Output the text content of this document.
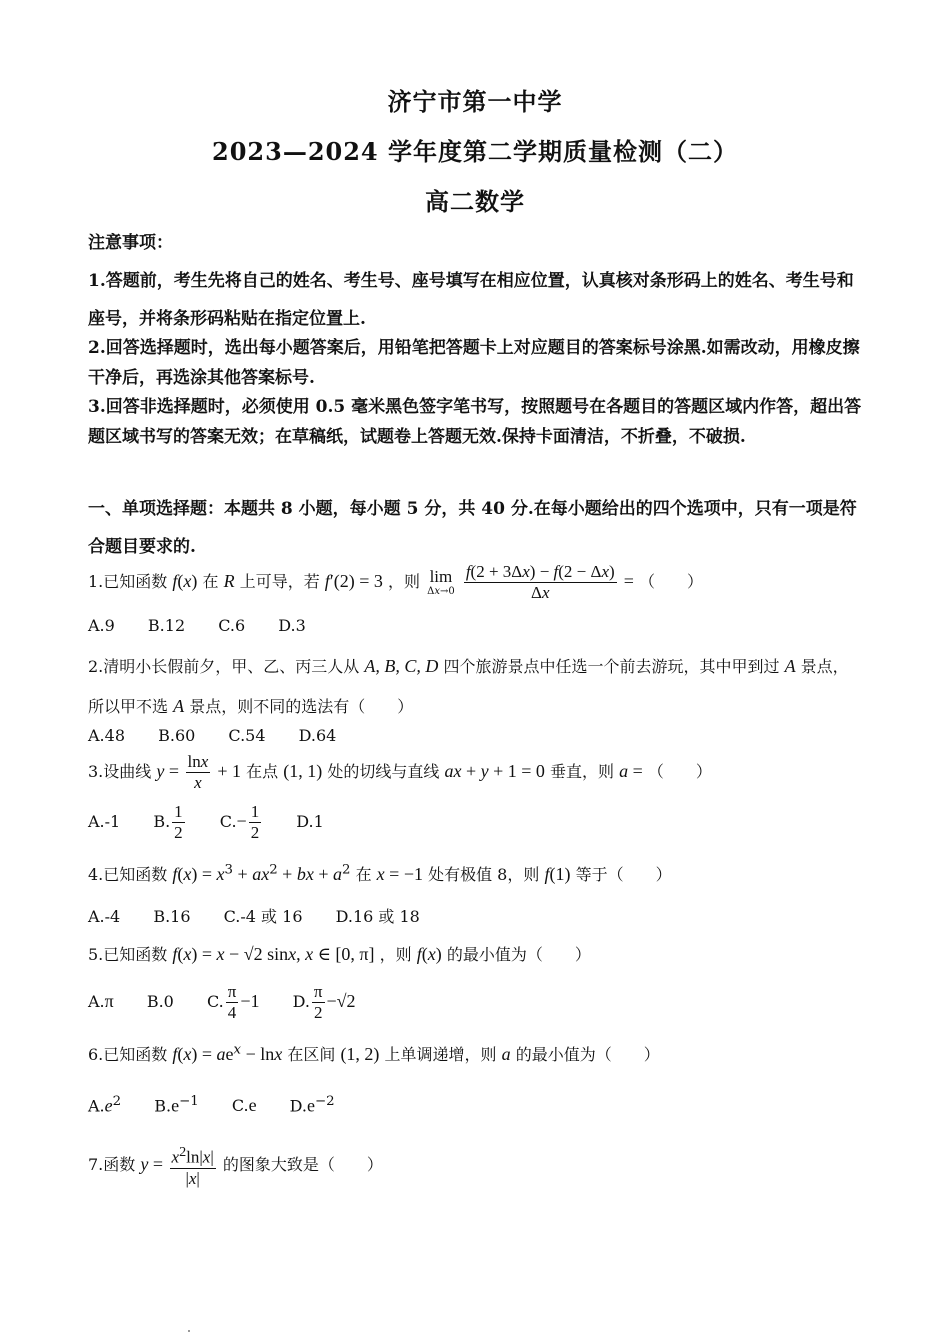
济宁市第一中学
2023—2024 学年度第二学期质量检测（二）
高二数学
注意事项：
1.答题前，考生先将自己的姓名、考生号、座号填写在相应位置，认真核对条形码上的姓名、考生号和座号，并将条形码粘贴在指定位置上.
2.回答选择题时，选出每小题答案后，用铅笔把答题卡上对应题目的答案标号涂黑.如需改动，用橡皮擦干净后，再选涂其他答案标号.
3.回答非选择题时，必须使用 0.5 毫米黑色签字笔书写，按照题号在各题目的答题区域内作答，超出答题区域书写的答案无效；在草稿纸，试题卷上答题无效.保持卡面清洁，不折叠，不破损.
一、单项选择题：本题共 8 小题，每小题 5 分，共 40 分.在每小题给出的四个选项中，只有一项是符合题目要求的.
1.已知函数 f(x) 在 R 上可导，若 f′(2) = 3 ，则 lim
Δx→0
$\frac{f(2 + 3\Delta x) - f(2 - \Delta x)}{\Delta x}$ = （　　）
A.9 B.12 C.6 D.3
2.清明小长假前夕，甲、乙、丙三人从 A, B, C, D 四个旅游景点中任选一个前去游玩，其中甲到过 A 景点，
所以甲不选 A 景点，则不同的选法有（　　）
A.48 B.60 C.54 D.64
3.设曲线 $y = \frac{\ln x}{x} + 1$ 在点 (1, 1) 处的切线与直线 ax + y + 1 = 0 垂直，则 a = （　　）
A.-1 B. $\frac{1}{2} C.- \frac{1}{2} D.1$
4.已知函数 $f(x) = x^3 + ax^2$ + bx + $a^2$ 在 x = −1 处有极值 8，则 f(1) 等于（　　）
A.-4 B.16 C.-4 或 16 D.16 或 18
5.已知函数 f(x) = x − √2 sinx, x ∈ [0, π] ，则 f(x) 的最小值为（　　）
A.π B.0 C. $\frac{\pi}{4} -1$ D. $\frac{\pi}{2} -√2$
6.已知函数 $f(x) = ae^x - \ln x$ 在区间 (1, 2) 上单调递增，则 a 的最小值为（　　）
$A.e^2$ $B.e^{-1}$ C.e $D.e^{-2}$
7.函数 $y = \frac{x^2\ln|x|}{|x|}$ 的图象大致是（　　）
